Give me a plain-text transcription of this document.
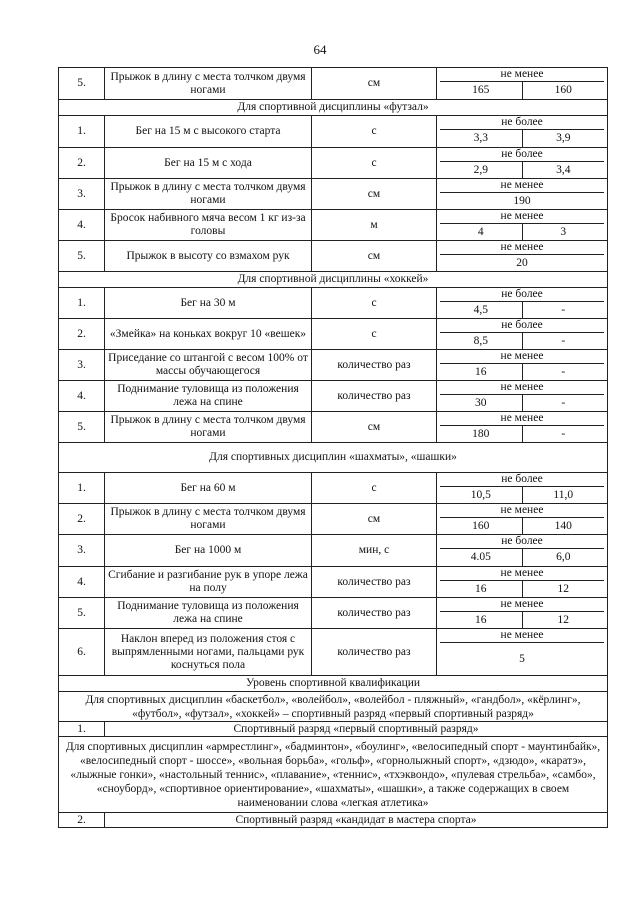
64
5.	Прыжок в длину с места толчком двумя ногами	см	не менее
165 160

Для спортивной дисциплины «футзал»			
1.	Бег на 15 м с высокого старта	с	не более
3,3 3,9

2.	Бег на 15 м с хода	с	не более
2,9 3,4

3.	Прыжок в длину с места толчком двумя ногами	см	не менее
190

4.	Бросок набивного мяча весом 1 кг из-за головы	м	не менее
4 3

5.	Прыжок в высоту со взмахом рук	см	не менее
20

Для спортивной дисциплины «хоккей»			
1.	Бег на 30 м	с	не более
4,5 -

2.	«Змейка» на коньках вокруг 10 «вешек»	с	не более
8,5 -

3.	Приседание со штангой с весом 100% от массы обучающегося	количество раз	не менее
16 -

4.	Поднимание туловища из положения лежа на спине	количество раз	не менее
30 -

5.	Прыжок в длину с места толчком двумя ногами	см	не менее
180 -

Для спортивных дисциплин «шахматы», «шашки»			
1.	Бег на 60 м	с	не более
10,5 11,0

2.	Прыжок в длину с места толчком двумя ногами	см	не менее
160 140

3.	Бег на 1000 м	мин, с	не более
4.05 6,0

4.	Сгибание и разгибание рук в упоре лежа на полу	количество раз	не менее
16 12

5.	Поднимание туловища из положения лежа на спине	количество раз	не менее
16 12

6.	Наклон вперед из положения стоя с выпрямленными ногами, пальцами рук коснуться пола	количество раз	не менее
5

Уровень спортивной квалификации			
Для спортивных дисциплин «баскетбол», «волейбол», «волейбол - пляжный», «гандбол», «кёрлинг», «футбол», «футзал», «хоккей» – спортивный разряд «первый спортивный разряд»			
1.	Спортивный разряд «первый спортивный разряд»		
Для спортивных дисциплин «армрестлинг», «бадминтон», «боулинг», «велосипедный спорт - маунтинбайк», «велосипедный спорт - шоссе», «вольная борьба», «гольф», «горнолыжный спорт», «дзюдо», «каратэ», «лыжные гонки», «настольный теннис», «плавание», «теннис», «тхэквондо», «пулевая стрельба», «самбо», «сноуборд», «спортивное ориентирование», «шахматы», «шашки», а также содержащих в своем наименовании слова «легкая атлетика»			
2.	Спортивный разряд «кандидат в мастера спорта»		
